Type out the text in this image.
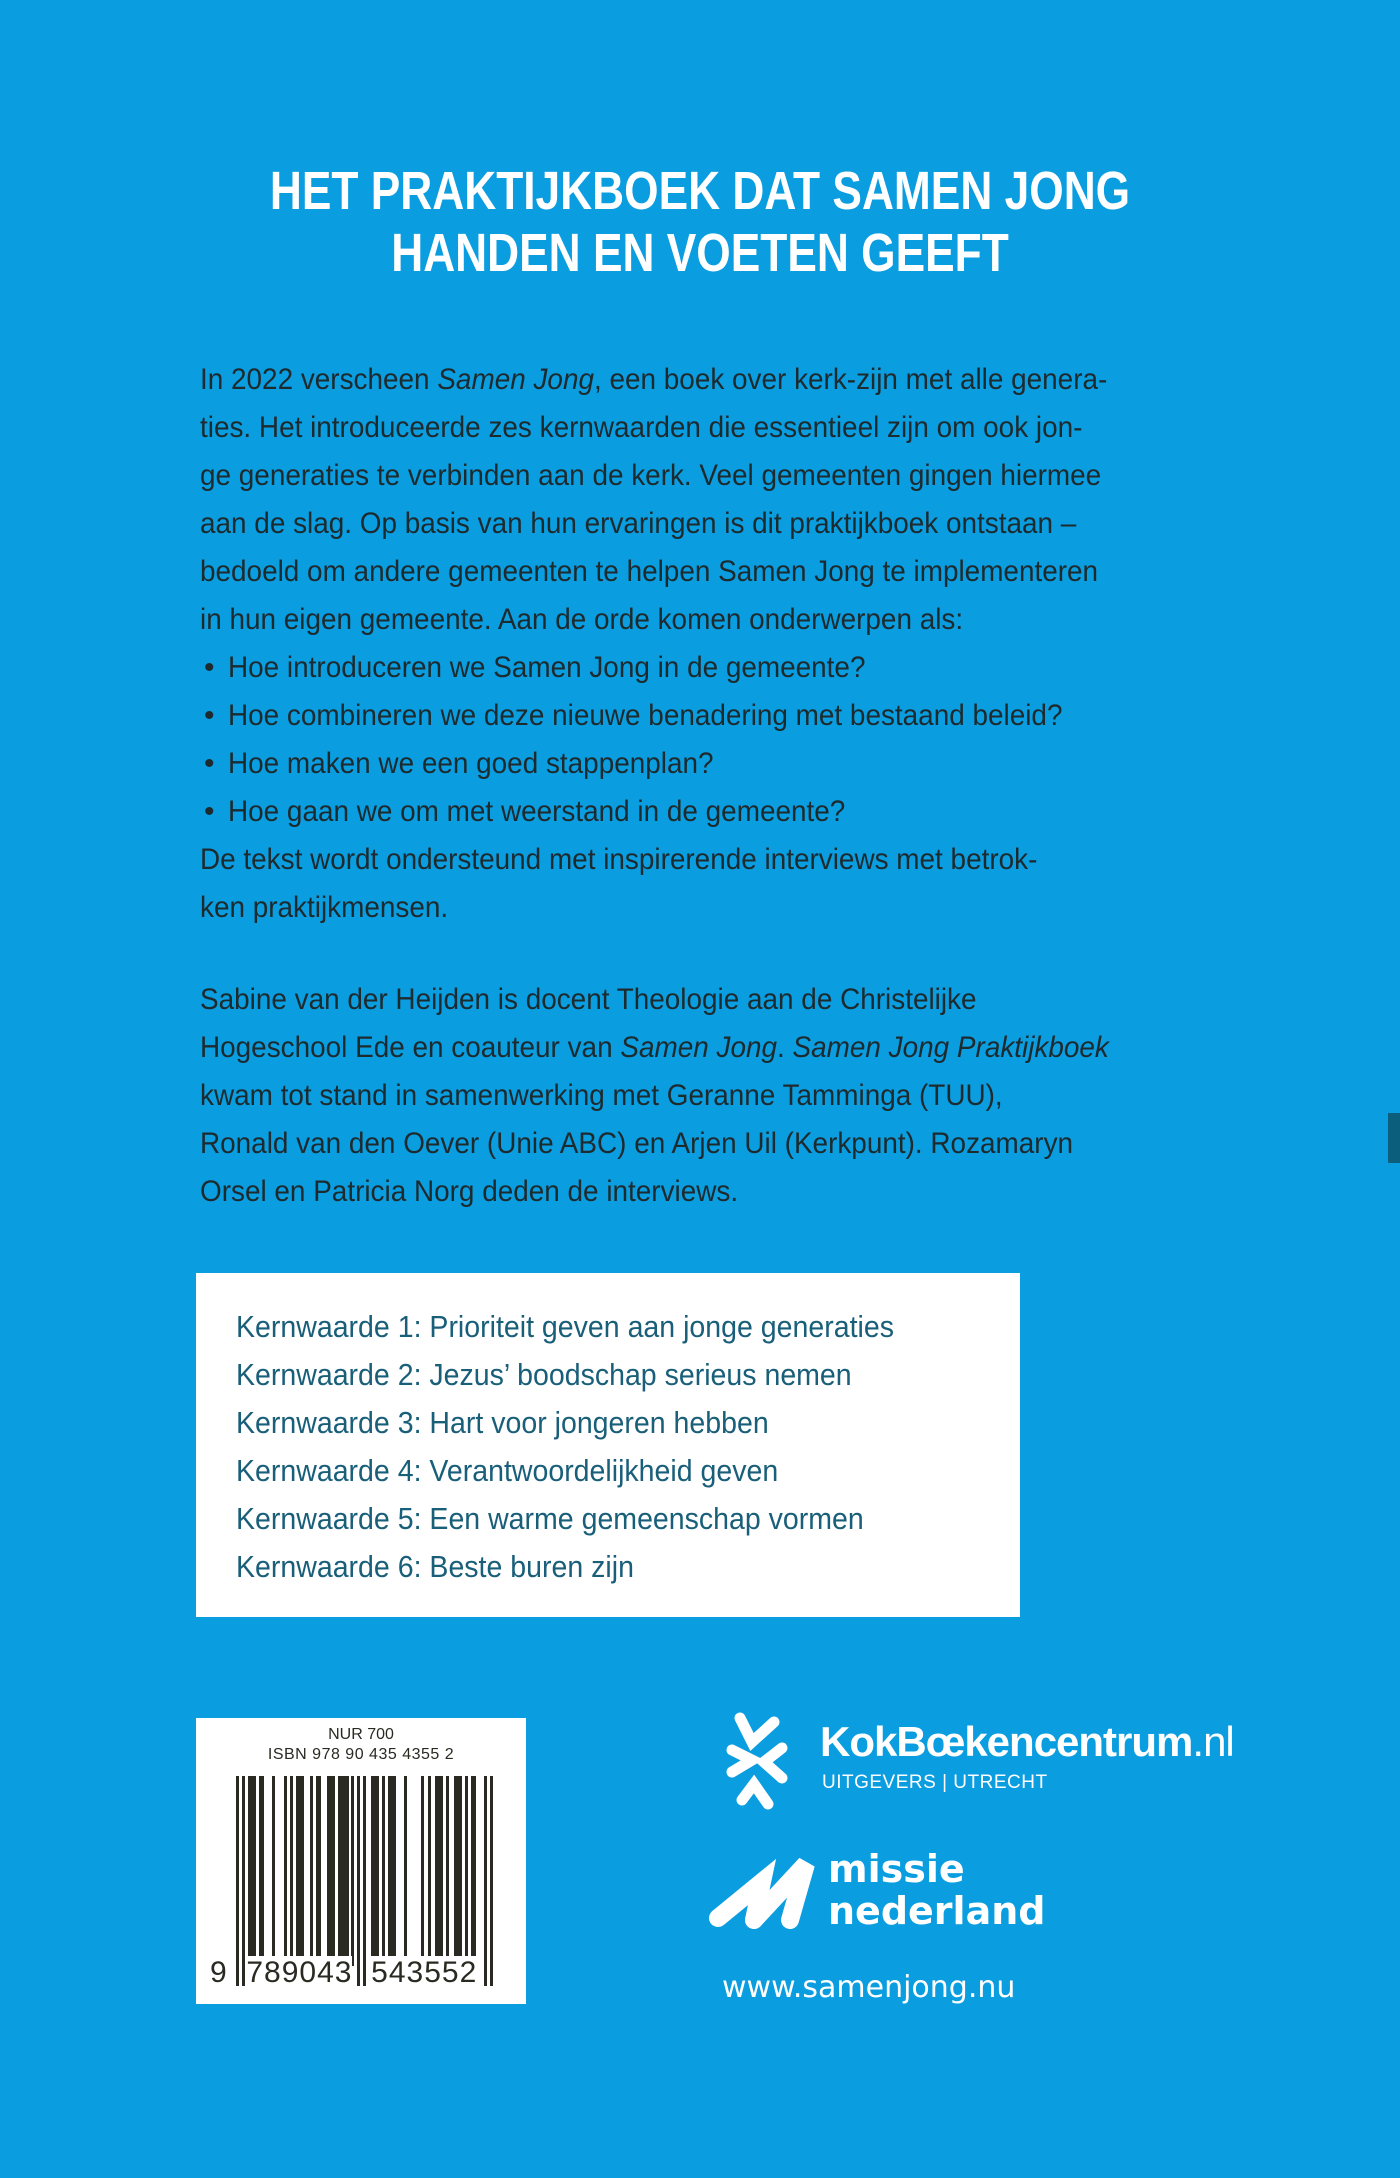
HET PRAKTIJKBOEK DAT SAMEN JONG
HANDEN EN VOETEN GEEFT
In 2022 verscheen Samen Jong, een boek over kerk-zijn met alle genera-
ties. Het introduceerde zes kernwaarden die essentieel zijn om ook jon-
ge generaties te verbinden aan de kerk. Veel gemeenten gingen hiermee
aan de slag. Op basis van hun ervaringen is dit praktijkboek ontstaan –
bedoeld om andere gemeenten te helpen Samen Jong te implementeren
in hun eigen gemeente. Aan de orde komen onderwerpen als:
• Hoe introduceren we Samen Jong in de gemeente?
• Hoe combineren we deze nieuwe benadering met bestaand beleid?
• Hoe maken we een goed stappenplan?
• Hoe gaan we om met weerstand in de gemeente?
De tekst wordt ondersteund met inspirerende interviews met betrok-
ken praktijkmensen.
Sabine van der Heijden is docent Theologie aan de Christelijke
Hogeschool Ede en coauteur van Samen Jong. Samen Jong Praktijkboek
kwam tot stand in samenwerking met Geranne Tamminga (TUU),
Ronald van den Oever (Unie ABC) en Arjen Uil (Kerkpunt). Rozamaryn
Orsel en Patricia Norg deden de interviews.
Kernwaarde 1: Prioriteit geven aan jonge generaties
Kernwaarde 2: Jezus’ boodschap serieus nemen
Kernwaarde 3: Hart voor jongeren hebben
Kernwaarde 4: Verantwoordelijkheid geven
Kernwaarde 5: Een warme gemeenschap vormen
Kernwaarde 6: Beste buren zijn
NUR 700
ISBN 978 90 435 4355 2
9 789043 543552
KokBœkencentrum.nl
UITGEVERS | UTRECHT
missie
nederland
www.samenjong.nu
